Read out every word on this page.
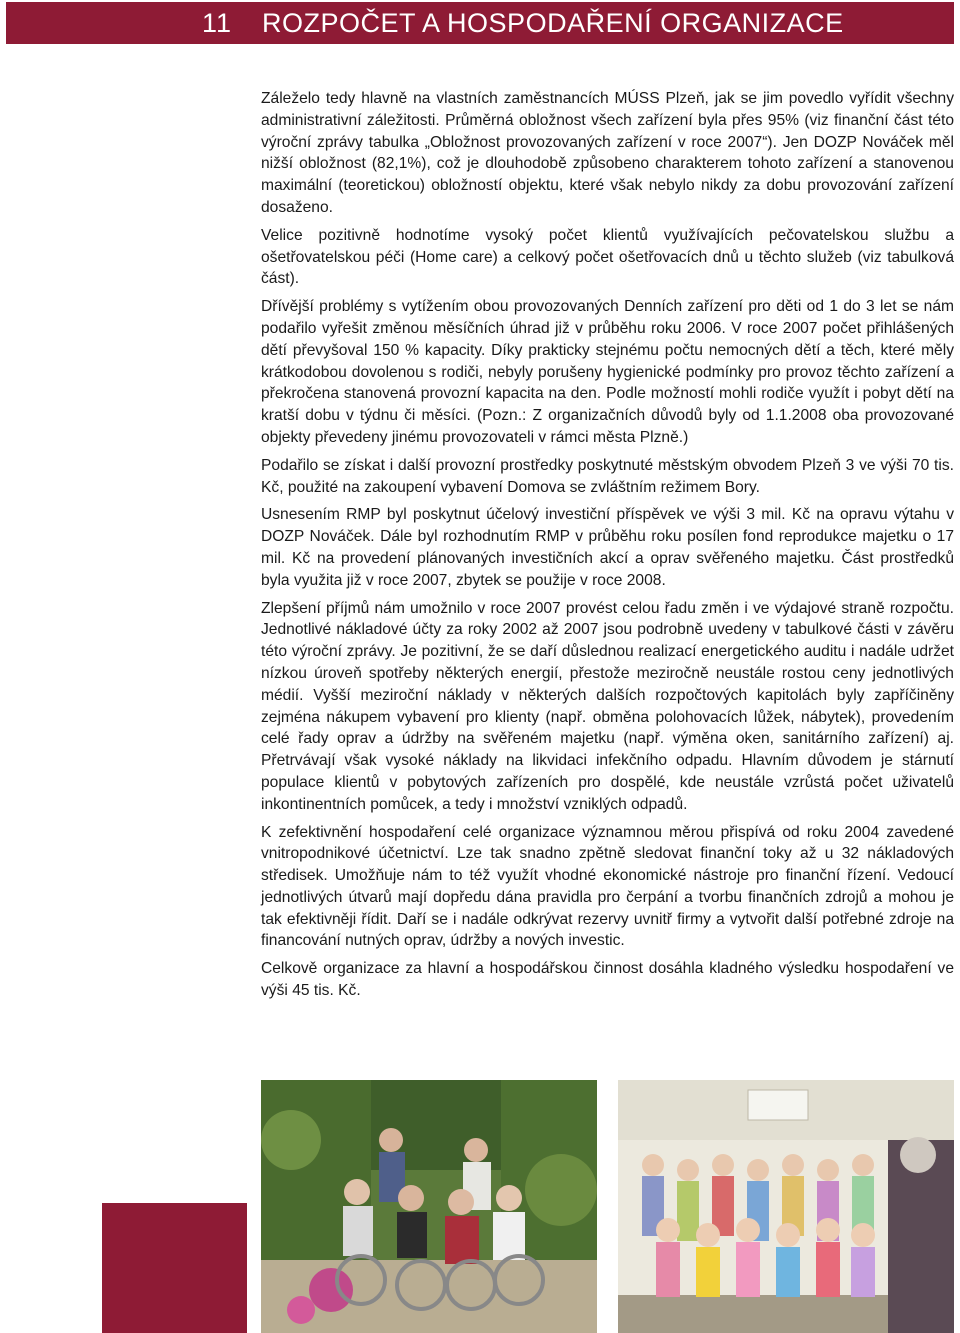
11	ROZPOČET A HOSPODAŘENÍ ORGANIZACE

Záleželo tedy hlavně na vlastních zaměstnancích MÚSS Plzeň, jak se jim povedlo vyřídit všechny administrativní záležitosti. Průměrná obložnost všech zařízení byla přes 95% (viz finanční část této výroční zprávy tabulka „Obložnost provozovaných zařízení v roce 2007“). Jen DOZP Nováček měl nižší obložnost (82,1%), což je dlouhodobě způsobeno charakterem tohoto zařízení a stanovenou maximální (teoretickou) obložností objektu, které však nebylo nikdy za dobu provozování zařízení dosaženo.

Velice pozitivně hodnotíme vysoký počet klientů využívajících pečovatelskou službu a ošetřovatelskou péči (Home care) a celkový počet ošetřovacích dnů u těchto služeb (viz tabulková část).

Dřívější problémy s vytížením obou provozovaných Denních zařízení pro děti od 1 do 3 let se nám podařilo vyřešit změnou měsíčních úhrad již v průběhu roku 2006. V roce 2007 počet přihlášených dětí převyšoval 150 % kapacity. Díky prakticky stejnému počtu nemocných dětí a těch, které měly krátkodobou dovolenou s rodiči, nebyly porušeny hygienické podmínky pro provoz těchto zařízení a překročena stanovená provozní kapacita na den. Podle možností mohli rodiče využít i pobyt dětí na kratší dobu v týdnu či měsíci. (Pozn.: Z organizačních důvodů byly od 1.1.2008 oba provozované objekty převedeny jinému provozovateli v rámci města Plzně.)

Podařilo se získat i další provozní prostředky poskytnuté městským obvodem Plzeň 3 ve výši 70 tis. Kč, použité na zakoupení vybavení Domova se zvláštním režimem Bory.

Usnesením RMP byl poskytnut účelový investiční příspěvek ve výši 3 mil. Kč na opravu výtahu v DOZP Nováček. Dále byl rozhodnutím RMP v průběhu roku posílen fond reprodukce majetku o 17 mil. Kč na provedení plánovaných investičních akcí a oprav svěřeného majetku. Část prostředků byla využita již v roce 2007, zbytek se použije v roce 2008.

Zlepšení příjmů nám umožnilo v roce 2007 provést celou řadu změn i ve výdajové straně rozpočtu. Jednotlivé nákladové účty za roky 2002 až 2007 jsou podrobně uvedeny v tabulkové části v závěru této výroční zprávy. Je pozitivní, že se daří důslednou realizací energetického auditu i nadále udržet nízkou úroveň spotřeby některých energií, přestože meziročně neustále rostou ceny jednotlivých médií. Vyšší meziroční náklady v některých dalších rozpočtových kapitolách byly zapříčiněny zejména nákupem vybavení pro klienty (např. obměna polohovacích lůžek, nábytek), provedením celé řady oprav a údržby na svěřeném majetku (např. výměna oken, sanitárního zařízení) aj. Přetrvávají však vysoké náklady na likvidaci infekčního odpadu. Hlavním důvodem je stárnutí populace klientů v pobytových zařízeních pro dospělé, kde neustále vzrůstá počet uživatelů inkontinentních pomůcek, a tedy i množství vzniklých odpadů.

K zefektivnění hospodaření celé organizace významnou měrou přispívá od roku 2004 zavedené vnitropodnikové účetnictví. Lze tak snadno zpětně sledovat finanční toky až u 32 nákladových středisek. Umožňuje nám to též využít vhodné ekonomické nástroje pro finanční řízení. Vedoucí jednotlivých útvarů mají dopředu dána pravidla pro čerpání a tvorbu finančních zdrojů a mohou je tak efektivněji řídit. Daří se i nadále odkrývat rezervy uvnitř firmy a vytvořit další potřebné zdroje na financování nutných oprav, údržby a nových investic.

Celkově organizace za hlavní a hospodářskou činnost dosáhla kladného výsledku hospodaření ve výši 45 tis. Kč.
